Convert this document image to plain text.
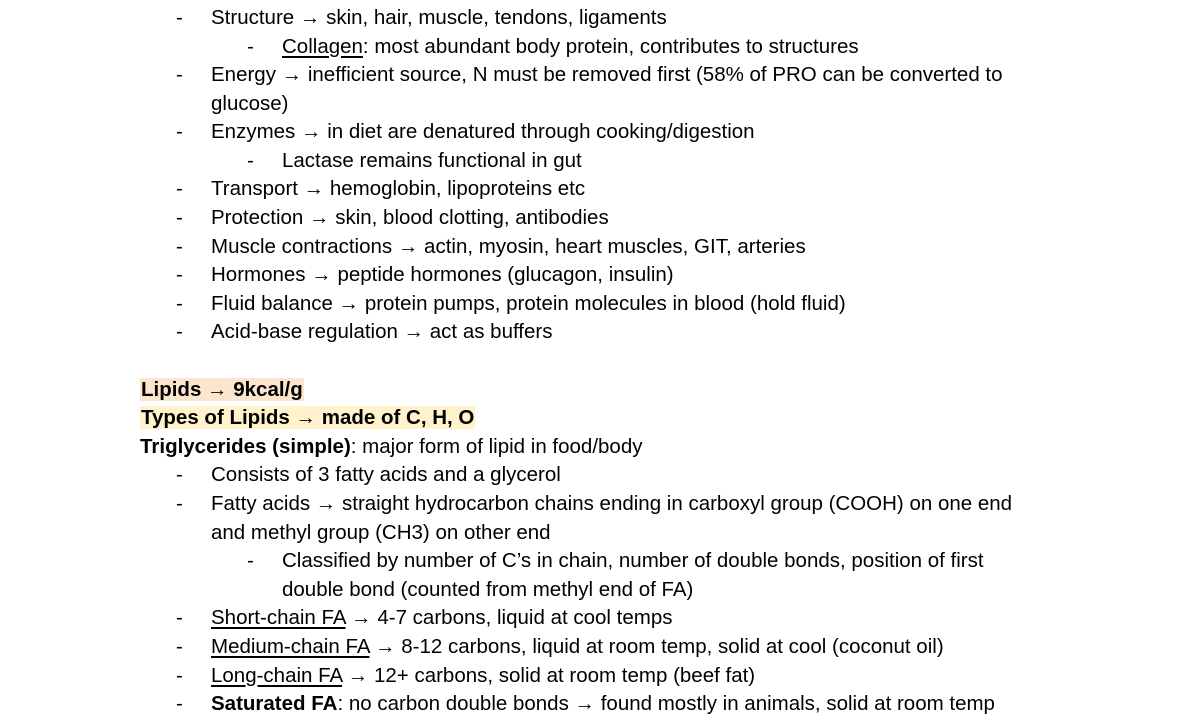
- Structure → skin, hair, muscle, tendons, ligaments
- Collagen: most abundant body protein, contributes to structures
- Energy → inefficient source, N must be removed first (58% of PRO can be converted to
glucose)
- Enzymes → in diet are denatured through cooking/digestion
- Lactase remains functional in gut
- Transport → hemoglobin, lipoproteins etc
- Protection → skin, blood clotting, antibodies
- Muscle contractions → actin, myosin, heart muscles, GIT, arteries
- Hormones → peptide hormones (glucagon, insulin)
- Fluid balance → protein pumps, protein molecules in blood (hold fluid)
- Acid-base regulation → act as buffers
Lipids → 9kcal/g
Types of Lipids → made of C, H, O
Triglycerides (simple): major form of lipid in food/body
- Consists of 3 fatty acids and a glycerol
- Fatty acids → straight hydrocarbon chains ending in carboxyl group (COOH) on one end
and methyl group (CH3) on other end
- Classified by number of C’s in chain, number of double bonds, position of first
double bond (counted from methyl end of FA)
- Short-chain FA → 4-7 carbons, liquid at cool temps
- Medium-chain FA → 8-12 carbons, liquid at room temp, solid at cool (coconut oil)
- Long-chain FA → 12+ carbons, solid at room temp (beef fat)
- Saturated FA: no carbon double bonds → found mostly in animals, solid at room temp
